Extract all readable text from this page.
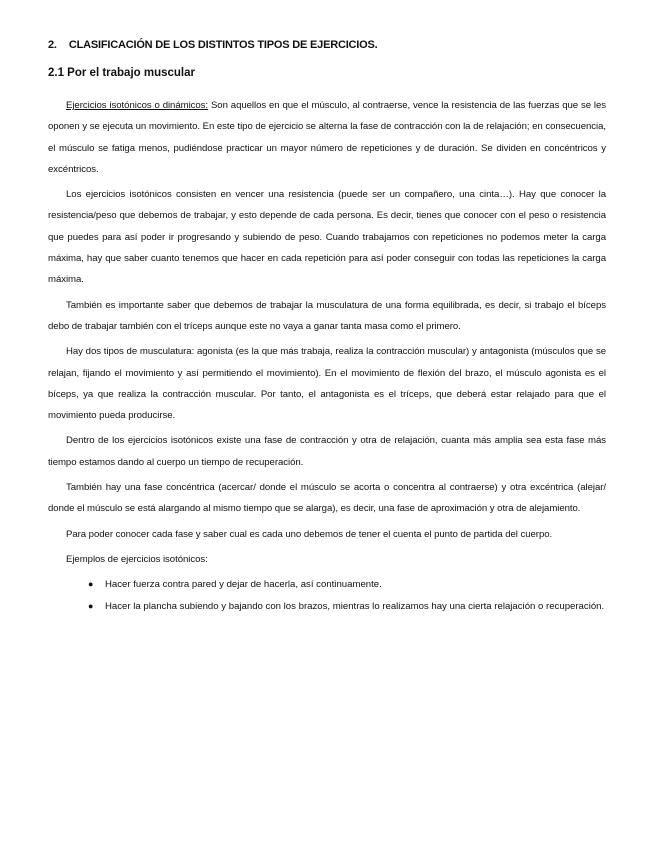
2. CLASIFICACIÓN DE LOS DISTINTOS TIPOS DE EJERCICIOS.
2.1 Por el trabajo muscular

Ejercicios isotónicos o dinámicos: Son aquellos en que el músculo, al contraerse, vence la resistencia de las fuerzas que se les oponen y se ejecuta un movimiento. En este tipo de ejercicio se alterna la fase de contracción con la de relajación; en consecuencia, el músculo se fatiga menos, pudiéndose practicar un mayor número de repeticiones y de duración. Se dividen en concéntricos y excéntricos.

Los ejercicios isotónicos consisten en vencer una resistencia (puede ser un compañero, una cinta…). Hay que conocer la resistencia/peso que debemos de trabajar, y esto depende de cada persona. Es decir, tienes que conocer con el peso o resistencia que puedes para así poder ir progresando y subiendo de peso. Cuando trabajamos con repeticiones no podemos meter la carga máxima, hay que saber cuanto tenemos que hacer en cada repetición para así poder conseguir con todas las repeticiones la carga máxima.

También es importante saber que debemos de trabajar la musculatura de una forma equilibrada, es decir, si trabajo el bíceps debo de trabajar también con el tríceps aunque este no vaya a ganar tanta masa como el primero.

Hay dos tipos de musculatura: agonista (es la que más trabaja, realiza la contracción muscular) y antagonista (músculos que se relajan, fijando el movimiento y así permitiendo el movimiento). En el movimiento de flexión del brazo, el músculo agonista es el bíceps, ya que realiza la contracción muscular. Por tanto, el antagonista es el tríceps, que deberá estar relajado para que el movimiento pueda producirse.

Dentro de los ejercicios isotónicos existe una fase de contracción y otra de relajación, cuanta más amplia sea esta fase más tiempo estamos dando al cuerpo un tiempo de recuperación.

También hay una fase concéntrica (acercar/ donde el músculo se acorta o concentra al contraerse) y otra excéntrica (alejar/ donde el músculo se está alargando al mismo tiempo que se alarga), es decir, una fase de aproximación y otra de alejamiento.

Para poder conocer cada fase y saber cual es cada uno debemos de tener el cuenta el punto de partida del cuerpo.

Ejemplos de ejercicios isotónicos:

● Hacer fuerza contra pared y dejar de hacerla, así continuamente.
● Hacer la plancha subiendo y bajando con los brazos, mientras lo realizamos hay una cierta relajación o recuperación.
